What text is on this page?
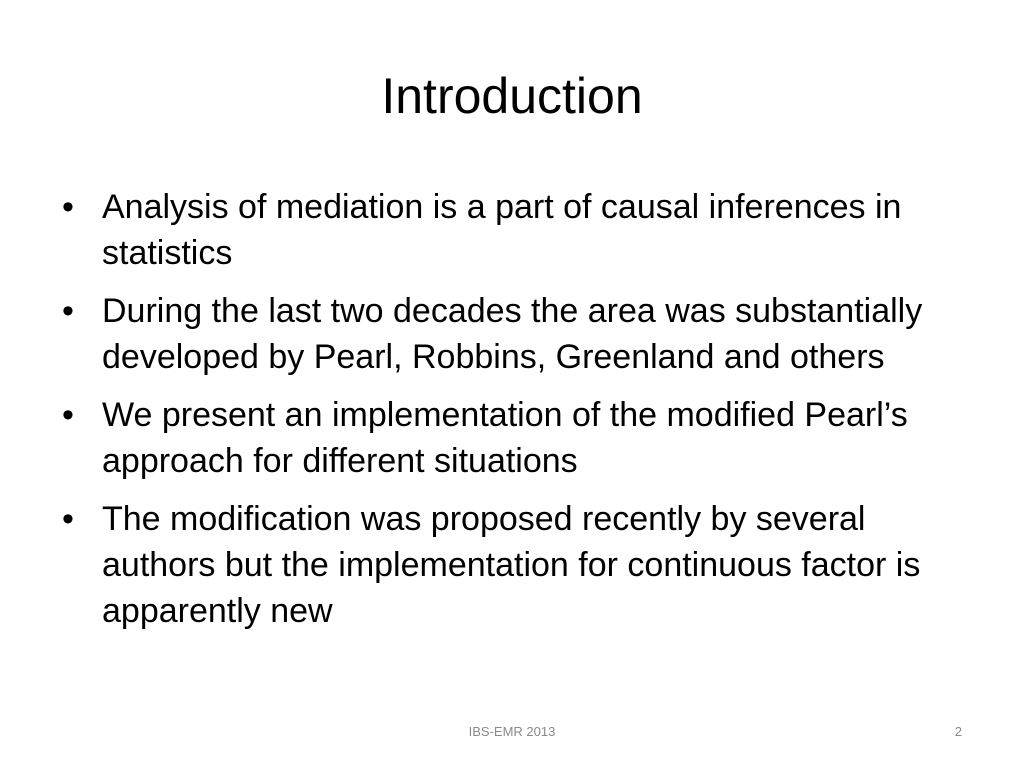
Introduction
• Analysis of mediation is a part of causal inferences in statistics
• During the last two decades the area was substantially developed by Pearl, Robbins, Greenland and others
• We present an implementation of the modified Pearl’s approach for different situations
• The modification was proposed recently by several authors but the implementation for continuous factor is apparently new
IBS-EMR 2013	2
